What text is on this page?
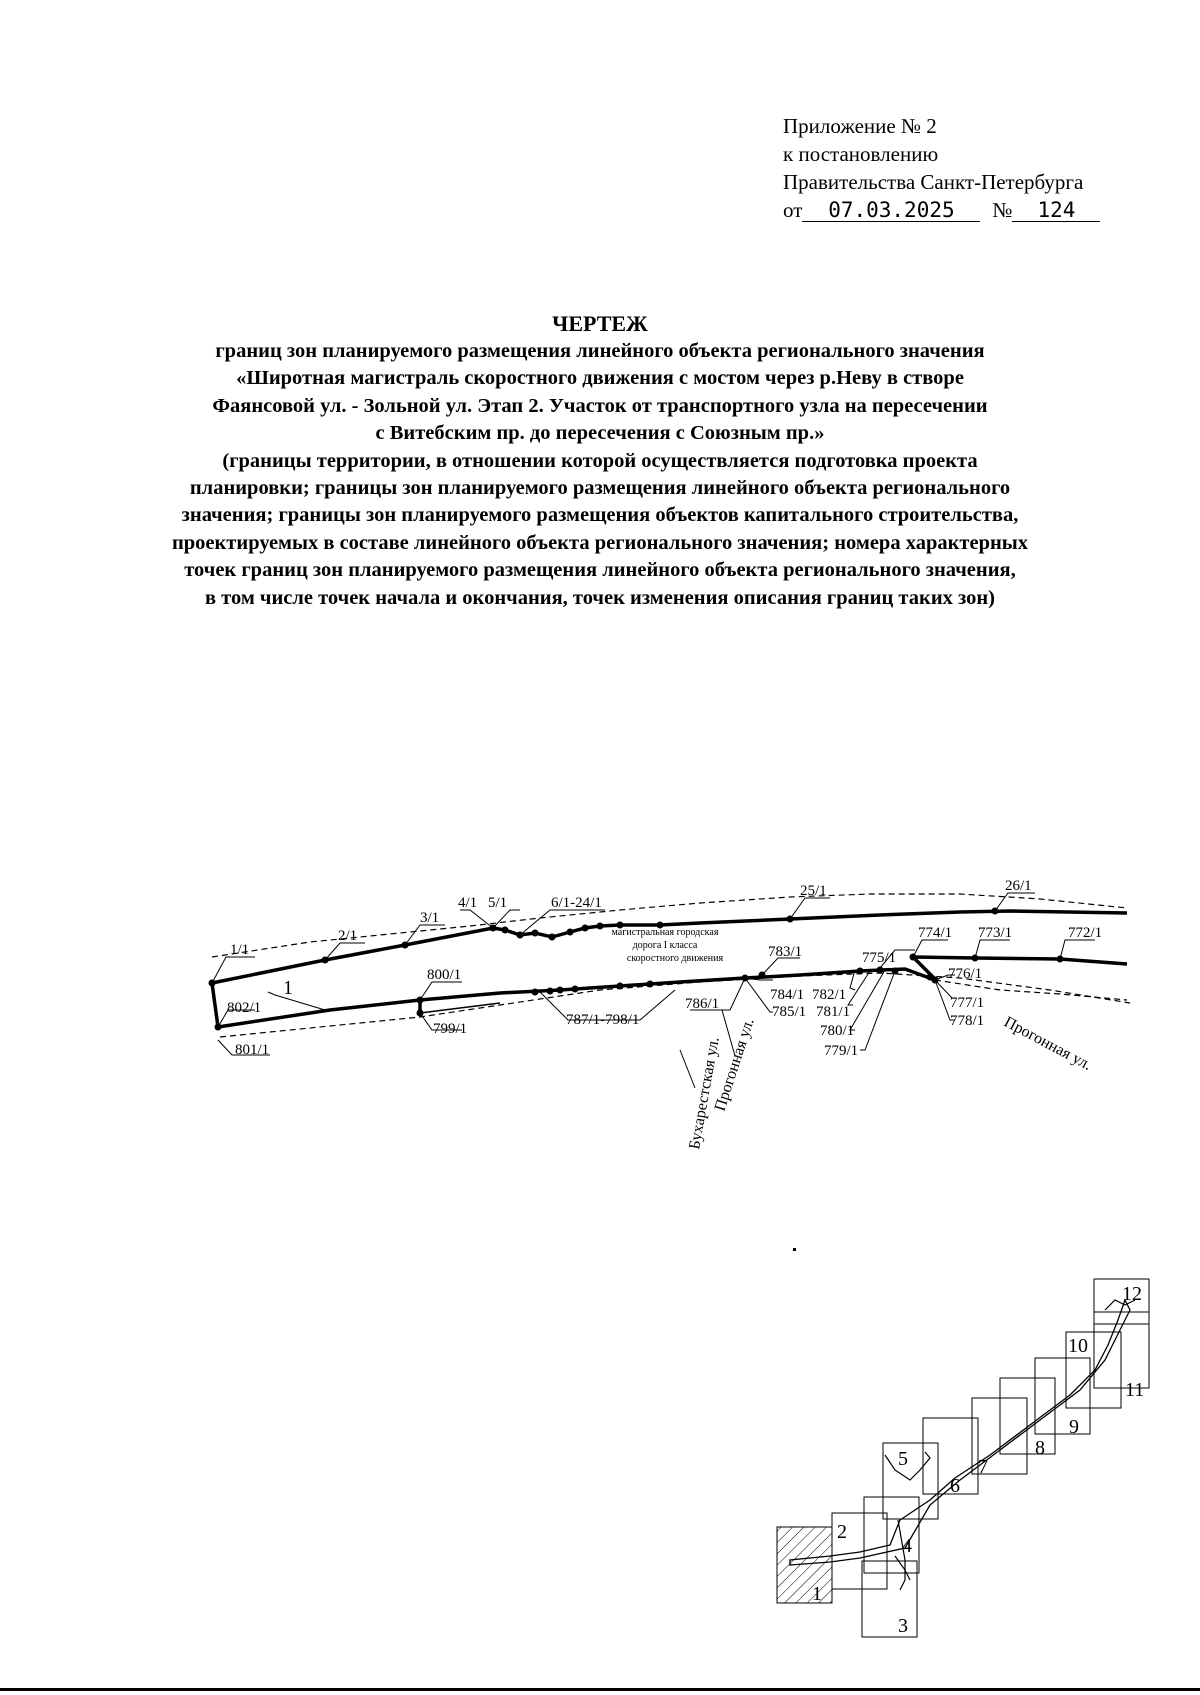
Приложение № 2
к постановлению
Правительства Санкт-Петербурга
от 07.03.2025 № 124
ЧЕРТЕЖ
границ зон планируемого размещения линейного объекта регионального значения
«Широтная магистраль скоростного движения с мостом через р.Неву в створе
Фаянсовой ул. - Зольной ул. Этап 2. Участок от транспортного узла на пересечении
с Витебским пр. до пересечения с Союзным пр.»
(границы территории, в отношении которой осуществляется подготовка проекта
планировки; границы зон планируемого размещения линейного объекта регионального
значения; границы зон планируемого размещения объектов капитального строительства,
проектируемых в составе линейного объекта регионального значения; номера характерных
точек границ зон планируемого размещения линейного объекта регионального значения,
в том числе точек начала и окончания, точек изменения описания границ таких зон)
1/1
2/1
3/1
4/1 5/1	6/1-24/1
25/1	26/1
774/1 773/1	772/1
775/1
776/1
783/1
784/1 782/1
785/1 781/1
786/1
780/1
779/1
777/1
778/1
787/1-798/1
800/1
799/1
802/1
801/1
1
магистральная городская
дорога I класса
скоростного движения
Бухарестская ул.
Прогонная ул.	Прогонная ул.
1
2
3
4
5
6
7
8
9
10
11
12
